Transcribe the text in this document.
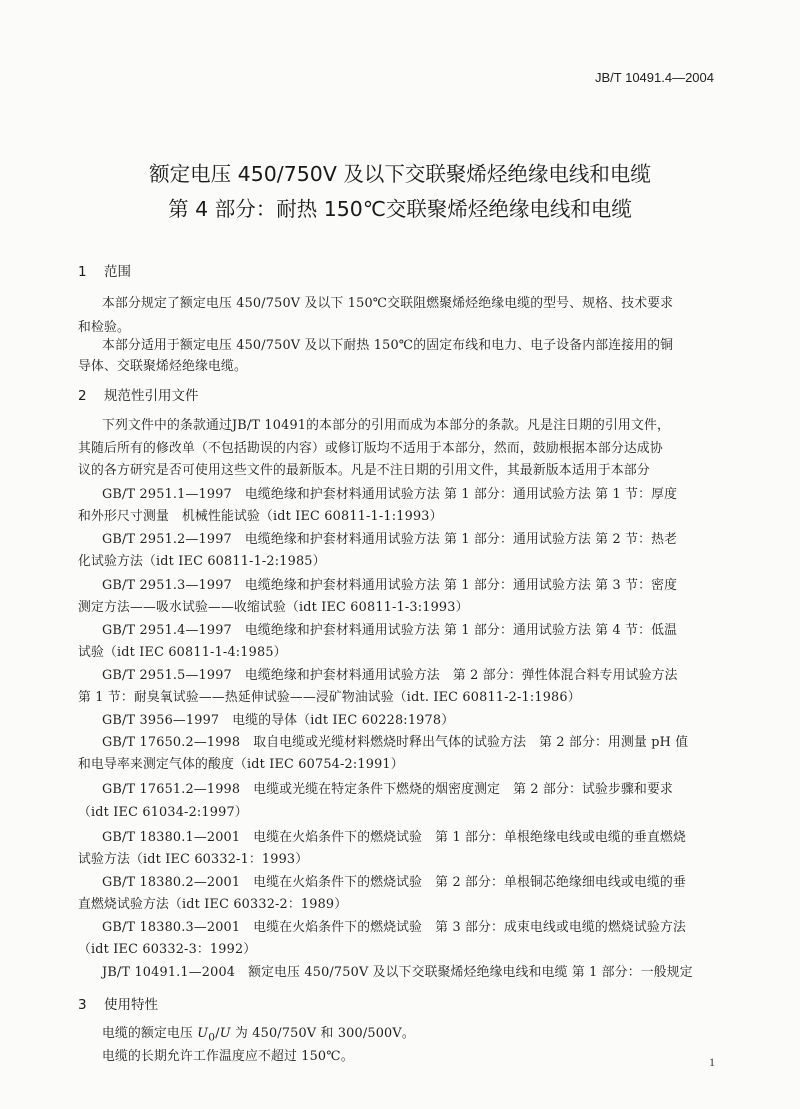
JB/T 10491.4—2004
额定电压 450/750V 及以下交联聚烯烃绝缘电线和电缆
第 4 部分：耐热 150℃交联聚烯烃绝缘电线和电缆
1 范围
本部分规定了额定电压 450/750V 及以下 150℃交联阻燃聚烯烃绝缘电缆的型号、规格、技术要求
和检验。
本部分适用于额定电压 450/750V 及以下耐热 150℃的固定布线和电力、电子设备内部连接用的铜
导体、交联聚烯烃绝缘电缆。
2 规范性引用文件
下列文件中的条款通过JB/T 10491的本部分的引用而成为本部分的条款。凡是注日期的引用文件，
其随后所有的修改单（不包括勘误的内容）或修订版均不适用于本部分，然而，鼓励根据本部分达成协
议的各方研究是否可使用这些文件的最新版本。凡是不注日期的引用文件，其最新版本适用于本部分
GB/T 2951.1—1997　电缆绝缘和护套材料通用试验方法 第 1 部分：通用试验方法 第 1 节：厚度
和外形尺寸测量　机械性能试验（idt IEC 60811-1-1:1993）
GB/T 2951.2—1997　电缆绝缘和护套材料通用试验方法 第 1 部分：通用试验方法 第 2 节：热老
化试验方法（idt IEC 60811-1-2:1985）
GB/T 2951.3—1997　电缆绝缘和护套材料通用试验方法 第 1 部分：通用试验方法 第 3 节：密度
测定方法——吸水试验——收缩试验（idt IEC 60811-1-3:1993）
GB/T 2951.4—1997　电缆绝缘和护套材料通用试验方法 第 1 部分：通用试验方法 第 4 节：低温
试验（idt IEC 60811-1-4:1985）
GB/T 2951.5—1997　电缆绝缘和护套材料通用试验方法　第 2 部分：弹性体混合料专用试验方法
第 1 节：耐臭氧试验——热延伸试验——浸矿物油试验（idt. IEC 60811-2-1:1986）
GB/T 3956—1997　电缆的导体（idt IEC 60228:1978）
GB/T 17650.2—1998　取自电缆或光缆材料燃烧时释出气体的试验方法　第 2 部分：用测量 pH 值
和电导率来测定气体的酸度（idt IEC 60754-2:1991）
GB/T 17651.2—1998　电缆或光缆在特定条件下燃烧的烟密度测定　第 2 部分：试验步骤和要求
（idt IEC 61034-2:1997）
GB/T 18380.1—2001　电缆在火焰条件下的燃烧试验　第 1 部分：单根绝缘电线或电缆的垂直燃烧
试验方法（idt IEC 60332-1：1993）
GB/T 18380.2—2001　电缆在火焰条件下的燃烧试验　第 2 部分：单根铜芯绝缘细电线或电缆的垂
直燃烧试验方法（idt IEC 60332-2：1989）
GB/T 18380.3—2001　电缆在火焰条件下的燃烧试验　第 3 部分：成束电线或电缆的燃烧试验方法
（idt IEC 60332-3：1992）
JB/T 10491.1—2004　额定电压 450/750V 及以下交联聚烯烃绝缘电线和电缆 第 1 部分：一般规定
3 使用特性
电缆的额定电压 $U_0/U$ 为 450/750V 和 300/500V。
电缆的长期允许工作温度应不超过 150℃。	1
